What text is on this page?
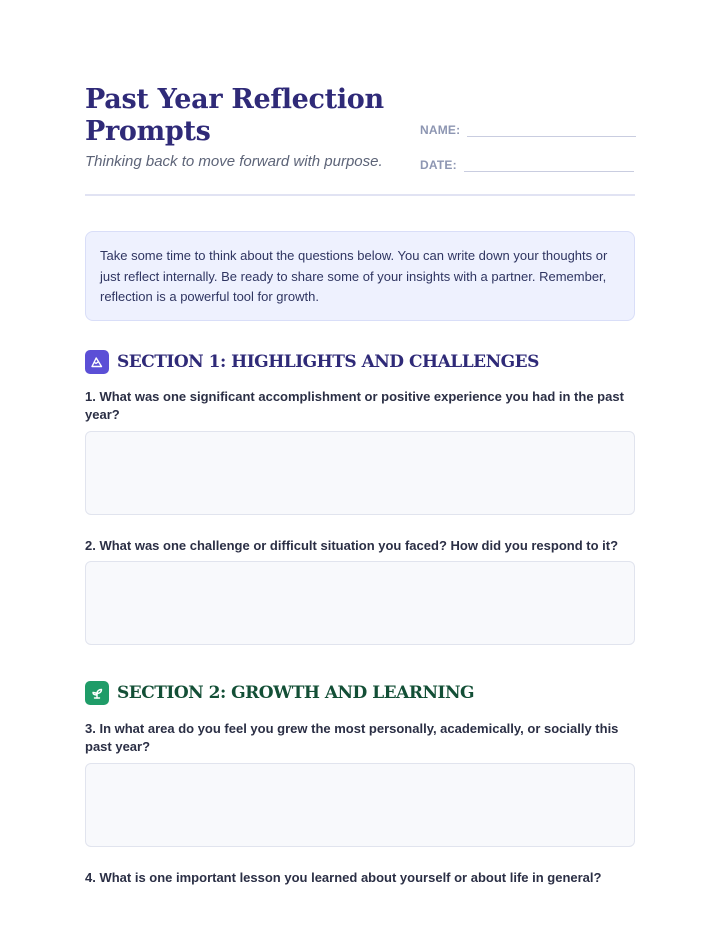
Past Year Reflection Prompts
Thinking back to move forward with purpose.
NAME:
DATE:
Take some time to think about the questions below. You can write down your thoughts or just reflect internally. Be ready to share some of your insights with a partner. Remember, reflection is a powerful tool for growth.
SECTION 1: HIGHLIGHTS AND CHALLENGES
1. What was one significant accomplishment or positive experience you had in the past year?
2. What was one challenge or difficult situation you faced? How did you respond to it?
SECTION 2: GROWTH AND LEARNING
3. In what area do you feel you grew the most personally, academically, or socially this past year?
4. What is one important lesson you learned about yourself or about life in general?
